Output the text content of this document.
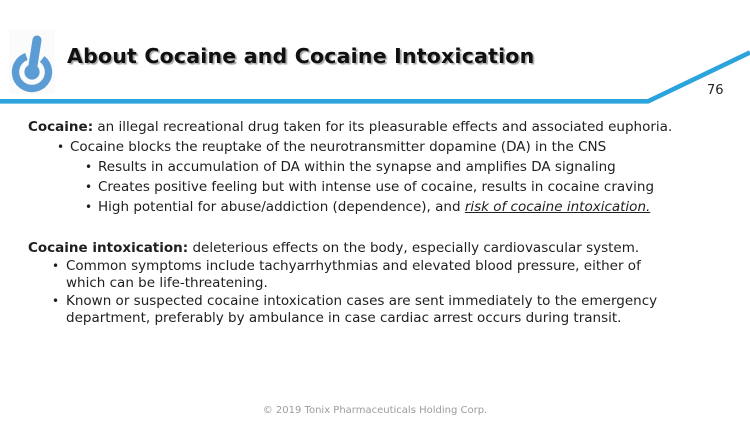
About Cocaine and Cocaine Intoxication
76
Cocaine: an illegal recreational drug taken for its pleasurable effects and associated euphoria.
• Cocaine blocks the reuptake of the neurotransmitter dopamine (DA) in the CNS
• Results in accumulation of DA within the synapse and amplifies DA signaling
• Creates positive feeling but with intense use of cocaine, results in cocaine craving
• High potential for abuse/addiction (dependence), and risk of cocaine intoxication.
Cocaine intoxication: deleterious effects on the body, especially cardiovascular system.
• Common symptoms include tachyarrhythmias and elevated blood pressure, either of
which can be life-threatening.
• Known or suspected cocaine intoxication cases are sent immediately to the emergency
department, preferably by ambulance in case cardiac arrest occurs during transit.
© 2019 Tonix Pharmaceuticals Holding Corp.
